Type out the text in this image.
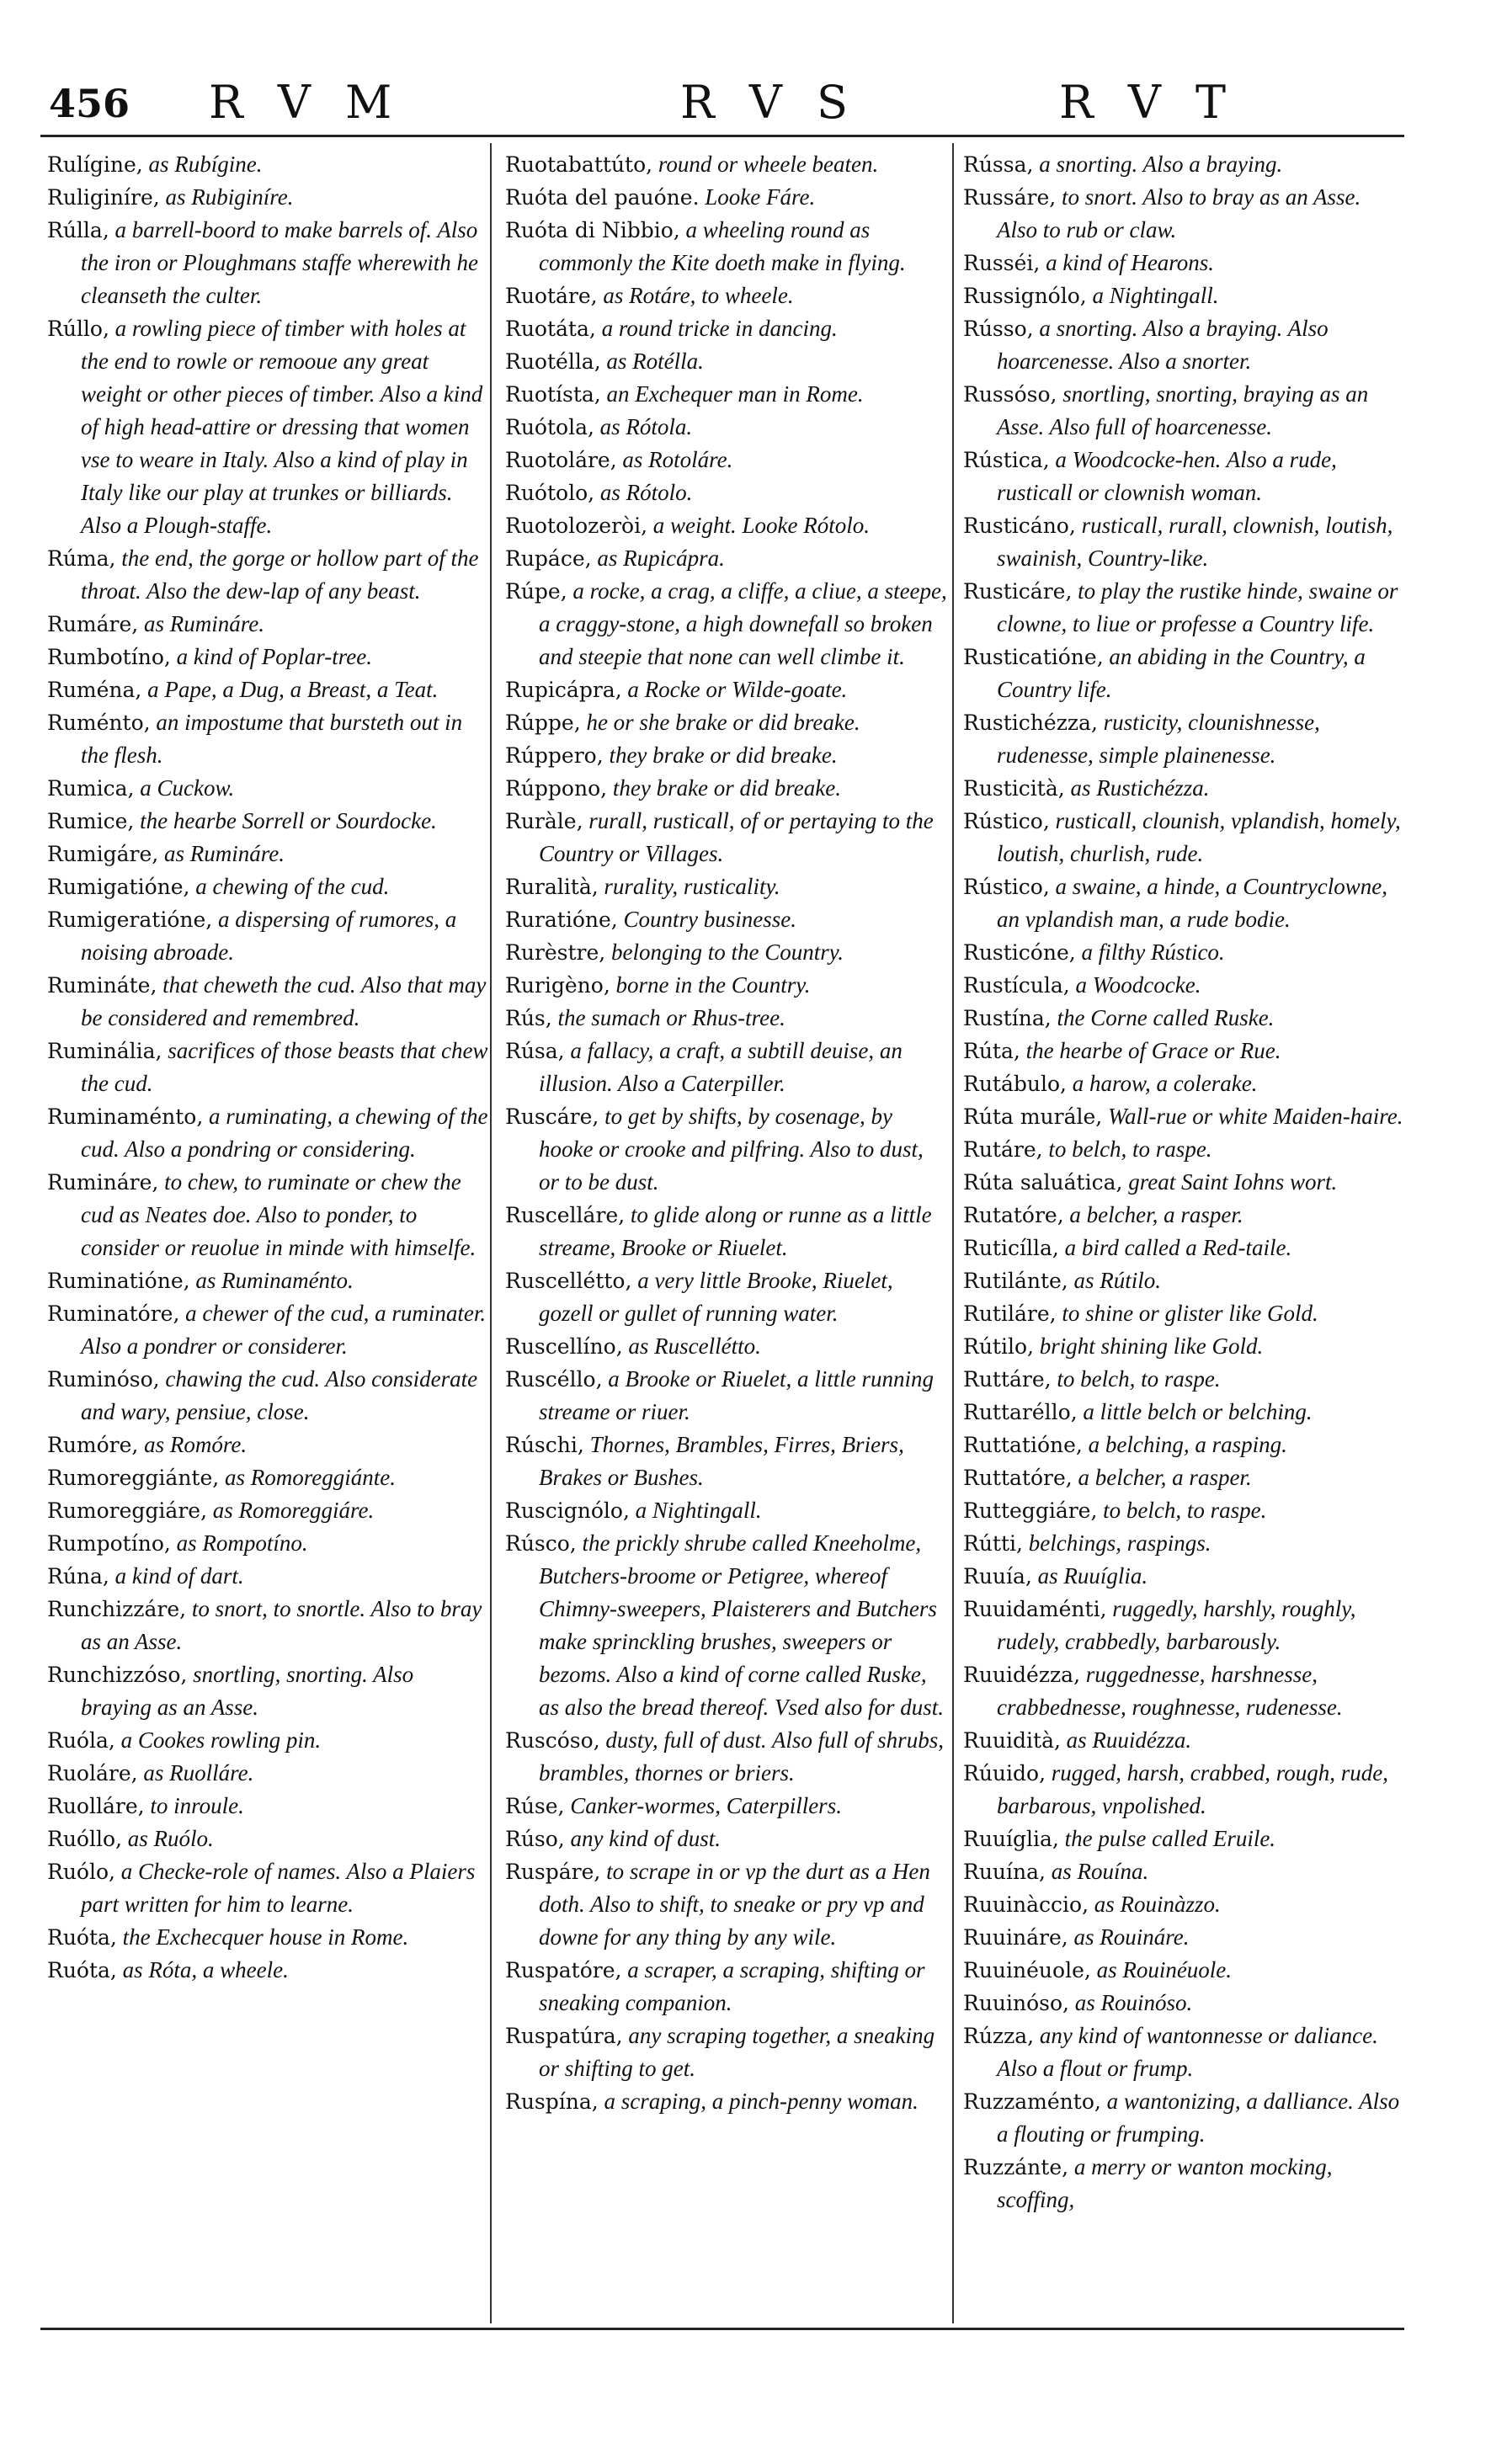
456 R V M	R V S	R V T

Rulígine, as Rubígine.

Ruliginíre, as Rubiginíre.

Rúlla, a barrell-boord to make barrels of. Also the iron or Ploughmans staffe wherewith he cleanseth the culter.

Rúllo, a rowling piece of timber with holes at the end to rowle or remooue any great weight or other pieces of timber. Also a kind of high head-attire or dressing that women vse to weare in Italy. Also a kind of play in Italy like our play at trunkes or billiards. Also a Plough-staffe.

Rúma, the end, the gorge or hollow part of the throat. Also the dew-lap of any beast.

Rumáre, as Rumináre.

Rumbotíno, a kind of Poplar-tree.

Ruména, a Pape, a Dug, a Breast, a Teat.

Ruménto, an impostume that bursteth out in the flesh.

Rumica, a Cuckow.

Rumice, the hearbe Sorrell or Sourdocke.

Rumigáre, as Rumináre.

Rumigatióne, a chewing of the cud.

Rumigeratióne, a dispersing of rumores, a noising abroade.

Rumináte, that cheweth the cud. Also that may be considered and remembred.

Ruminália, sacrifices of those beasts that chew the cud.

Ruminaménto, a ruminating, a chewing of the cud. Also a pondring or considering.

Rumináre, to chew, to ruminate or chew the cud as Neates doe. Also to ponder, to consider or reuolue in minde with himselfe.

Ruminatióne, as Ruminaménto.

Ruminatóre, a chewer of the cud, a ruminater. Also a pondrer or considerer.

Ruminóso, chawing the cud. Also considerate and wary, pensiue, close.

Rumóre, as Romóre.

Rumoreggiánte, as Romoreggiánte.

Rumoreggiáre, as Romoreggiáre.

Rumpotíno, as Rompotíno.

Rúna, a kind of dart.

Runchizzáre, to snort, to snortle. Also to bray as an Asse.

Runchizzóso, snortling, snorting. Also braying as an Asse.

Ruóla, a Cookes rowling pin.

Ruoláre, as Ruolláre.

Ruolláre, to inroule.

Ruóllo, as Ruólo.

Ruólo, a Checke-role of names. Also a Plaiers part written for him to learne.

Ruóta, the Exchecquer house in Rome.

Ruóta, as Róta, a wheele.

Ruotabattúto, round or wheele beaten.

Ruóta del pauóne. Looke Fáre.

Ruóta di Nibbio, a wheeling round as commonly the Kite doeth make in flying.

Ruotáre, as Rotáre, to wheele.

Ruotáta, a round tricke in dancing.

Ruotélla, as Rotélla.

Ruotísta, an Exchequer man in Rome.

Ruótola, as Rótola.

Ruotoláre, as Rotoláre.

Ruótolo, as Rótolo.

Ruotolozeròi, a weight. Looke Rótolo.

Rupáce, as Rupicápra.

Rúpe, a rocke, a crag, a cliffe, a cliue, a steepe, a craggy-stone, a high downefall so broken and steepie that none can well climbe it.

Rupicápra, a Rocke or Wilde-goate.

Rúppe, he or she brake or did breake.

Rúppero, they brake or did breake.

Rúppono, they brake or did breake.

Ruràle, rurall, rusticall, of or pertaying to the Country or Villages.

Ruralità, rurality, rusticality.

Ruratióne, Country businesse.

Rurèstre, belonging to the Country.

Rurigèno, borne in the Country.

Rús, the sumach or Rhus-tree.

Rúsa, a fallacy, a craft, a subtill deuise, an illusion. Also a Caterpiller.

Ruscáre, to get by shifts, by cosenage, by hooke or crooke and pilfring. Also to dust, or to be dust.

Ruscelláre, to glide along or runne as a little streame, Brooke or Riuelet.

Ruscellétto, a very little Brooke, Riuelet, gozell or gullet of running water.

Ruscellíno, as Ruscellétto.

Ruscéllo, a Brooke or Riuelet, a little running streame or riuer.

Rúschi, Thornes, Brambles, Firres, Briers, Brakes or Bushes.

Ruscignólo, a Nightingall.

Rúsco, the prickly shrube called Kneeholme, Butchers-broome or Petigree, whereof Chimny-sweepers, Plaisterers and Butchers make sprinckling brushes, sweepers or bezoms. Also a kind of corne called Ruske, as also the bread thereof. Vsed also for dust.

Ruscóso, dusty, full of dust. Also full of shrubs, brambles, thornes or briers.

Rúse, Canker-wormes, Caterpillers.

Rúso, any kind of dust.

Ruspáre, to scrape in or vp the durt as a Hen doth. Also to shift, to sneake or pry vp and downe for any thing by any wile.

Ruspatóre, a scraper, a scraping, shifting or sneaking companion.

Ruspatúra, any scraping together, a sneaking or shifting to get.

Ruspína, a scraping, a pinch-penny woman.

Rússa, a snorting. Also a braying.

Russáre, to snort. Also to bray as an Asse. Also to rub or claw.

Russéi, a kind of Hearons.

Russignólo, a Nightingall.

Rússo, a snorting. Also a braying. Also hoarcenesse. Also a snorter.

Russóso, snortling, snorting, braying as an Asse. Also full of hoarcenesse.

Rústica, a Woodcocke-hen. Also a rude, rusticall or clownish woman.

Rusticáno, rusticall, rurall, clownish, loutish, swainish, Country-like.

Rusticáre, to play the rustike hinde, swaine or clowne, to liue or professe a Country life.

Rusticatióne, an abiding in the Country, a Country life.

Rustichézza, rusticity, clounishnesse, rudenesse, simple plainenesse.

Rusticità, as Rustichézza.

Rústico, rusticall, clounish, vplandish, homely, loutish, churlish, rude.

Rústico, a swaine, a hinde, a Countryclowne, an vplandish man, a rude bodie.

Rusticóne, a filthy Rústico.

Rustícula, a Woodcocke.

Rustína, the Corne called Ruske.

Rúta, the hearbe of Grace or Rue.

Rutábulo, a harow, a colerake.

Rúta murále, Wall-rue or white Maiden-haire.

Rutáre, to belch, to raspe.

Rúta saluática, great Saint Iohns wort.

Rutatóre, a belcher, a rasper.

Ruticílla, a bird called a Red-taile.

Rutilánte, as Rútilo.

Rutiláre, to shine or glister like Gold.

Rútilo, bright shining like Gold.

Ruttáre, to belch, to raspe.

Ruttaréllo, a little belch or belching.

Ruttatióne, a belching, a rasping.

Ruttatóre, a belcher, a rasper.

Rutteggiáre, to belch, to raspe.

Rútti, belchings, raspings.

Ruuía, as Ruuíglia.

Ruuidaménti, ruggedly, harshly, roughly, rudely, crabbedly, barbarously.

Ruuidézza, ruggednesse, harshnesse, crabbednesse, roughnesse, rudenesse.

Ruuidità, as Ruuidézza.

Rúuido, rugged, harsh, crabbed, rough, rude, barbarous, vnpolished.

Ruuíglia, the pulse called Eruile.

Ruuína, as Rouína.

Ruuinàccio, as Rouinàzzo.

Ruuináre, as Rouináre.

Ruuinéuole, as Rouinéuole.

Ruuinóso, as Rouinóso.

Rúzza, any kind of wantonnesse or daliance. Also a flout or frump.

Ruzzaménto, a wantonizing, a dalliance. Also a flouting or frumping.

Ruzzánte, a merry or wanton mocking, scoffing,
